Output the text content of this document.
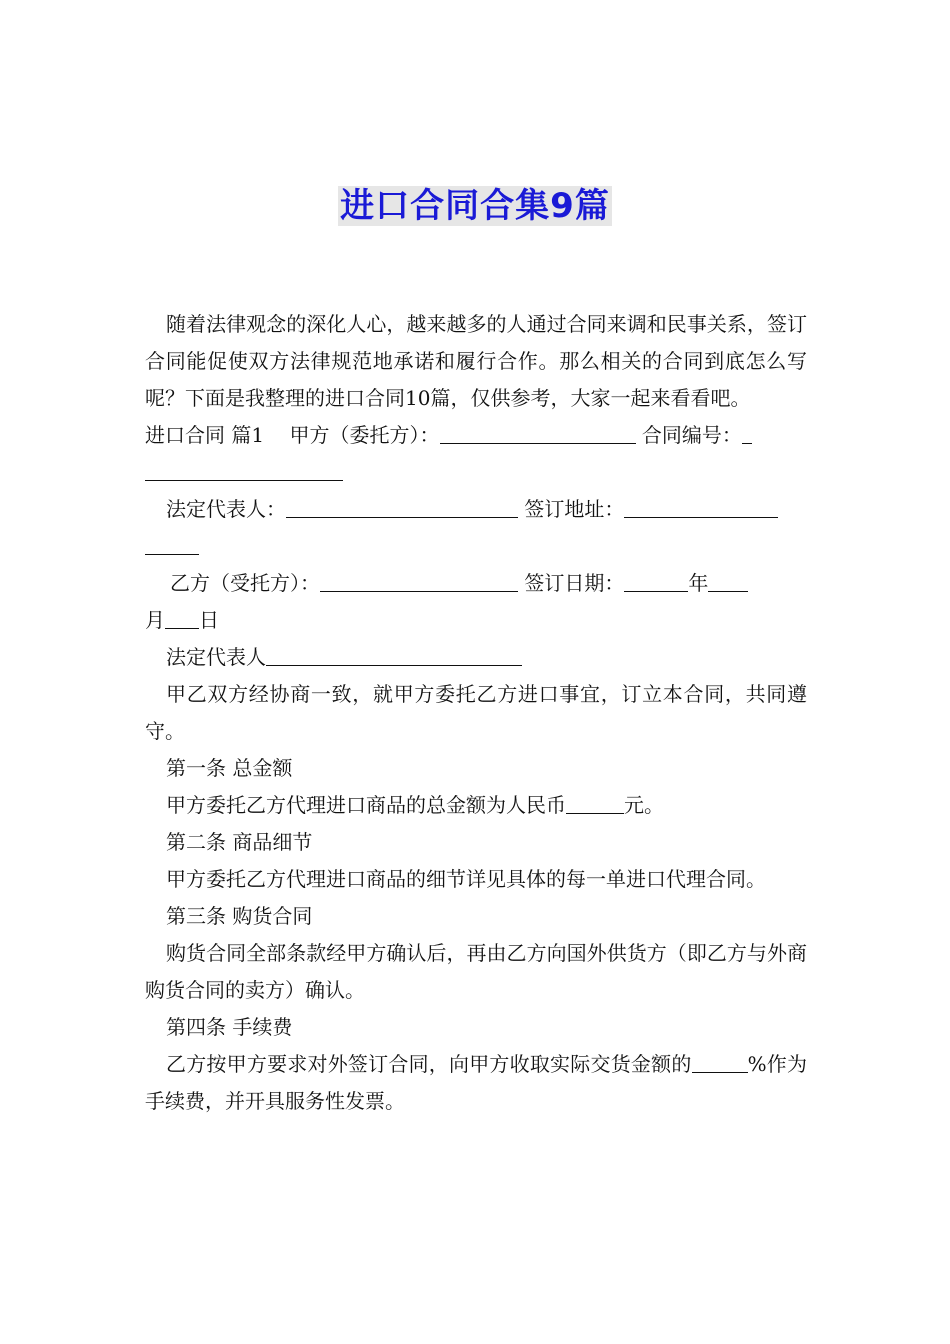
进口合同合集9篇

随着法律观念的深化人心，越来越多的人通过合同来调和民事关系，签订合同能促使双方法律规范地承诺和履行合作。那么相关的合同到底怎么写呢？下面是我整理的进口合同10篇，仅供参考，大家一起来看看吧。

进口合同 篇1 甲方（委托方）：	合同编号：

法定代表人：	签订地址：

乙方（受托方）：	签订日期：	年
月 日

法定代表人

甲乙双方经协商一致，就甲方委托乙方进口事宜，订立本合同，共同遵守。

第一条 总金额

甲方委托乙方代理进口商品的总金额为人民币	元。

第二条 商品细节

甲方委托乙方代理进口商品的细节详见具体的每一单进口代理合同。

第三条 购货合同

购货合同全部条款经甲方确认后，再由乙方向国外供货方（即乙方与外商购货合同的卖方）确认。

第四条 手续费

乙方按甲方要求对外签订合同，向甲方收取实际交货金额的	%作为手续费，并开具服务性发票。
